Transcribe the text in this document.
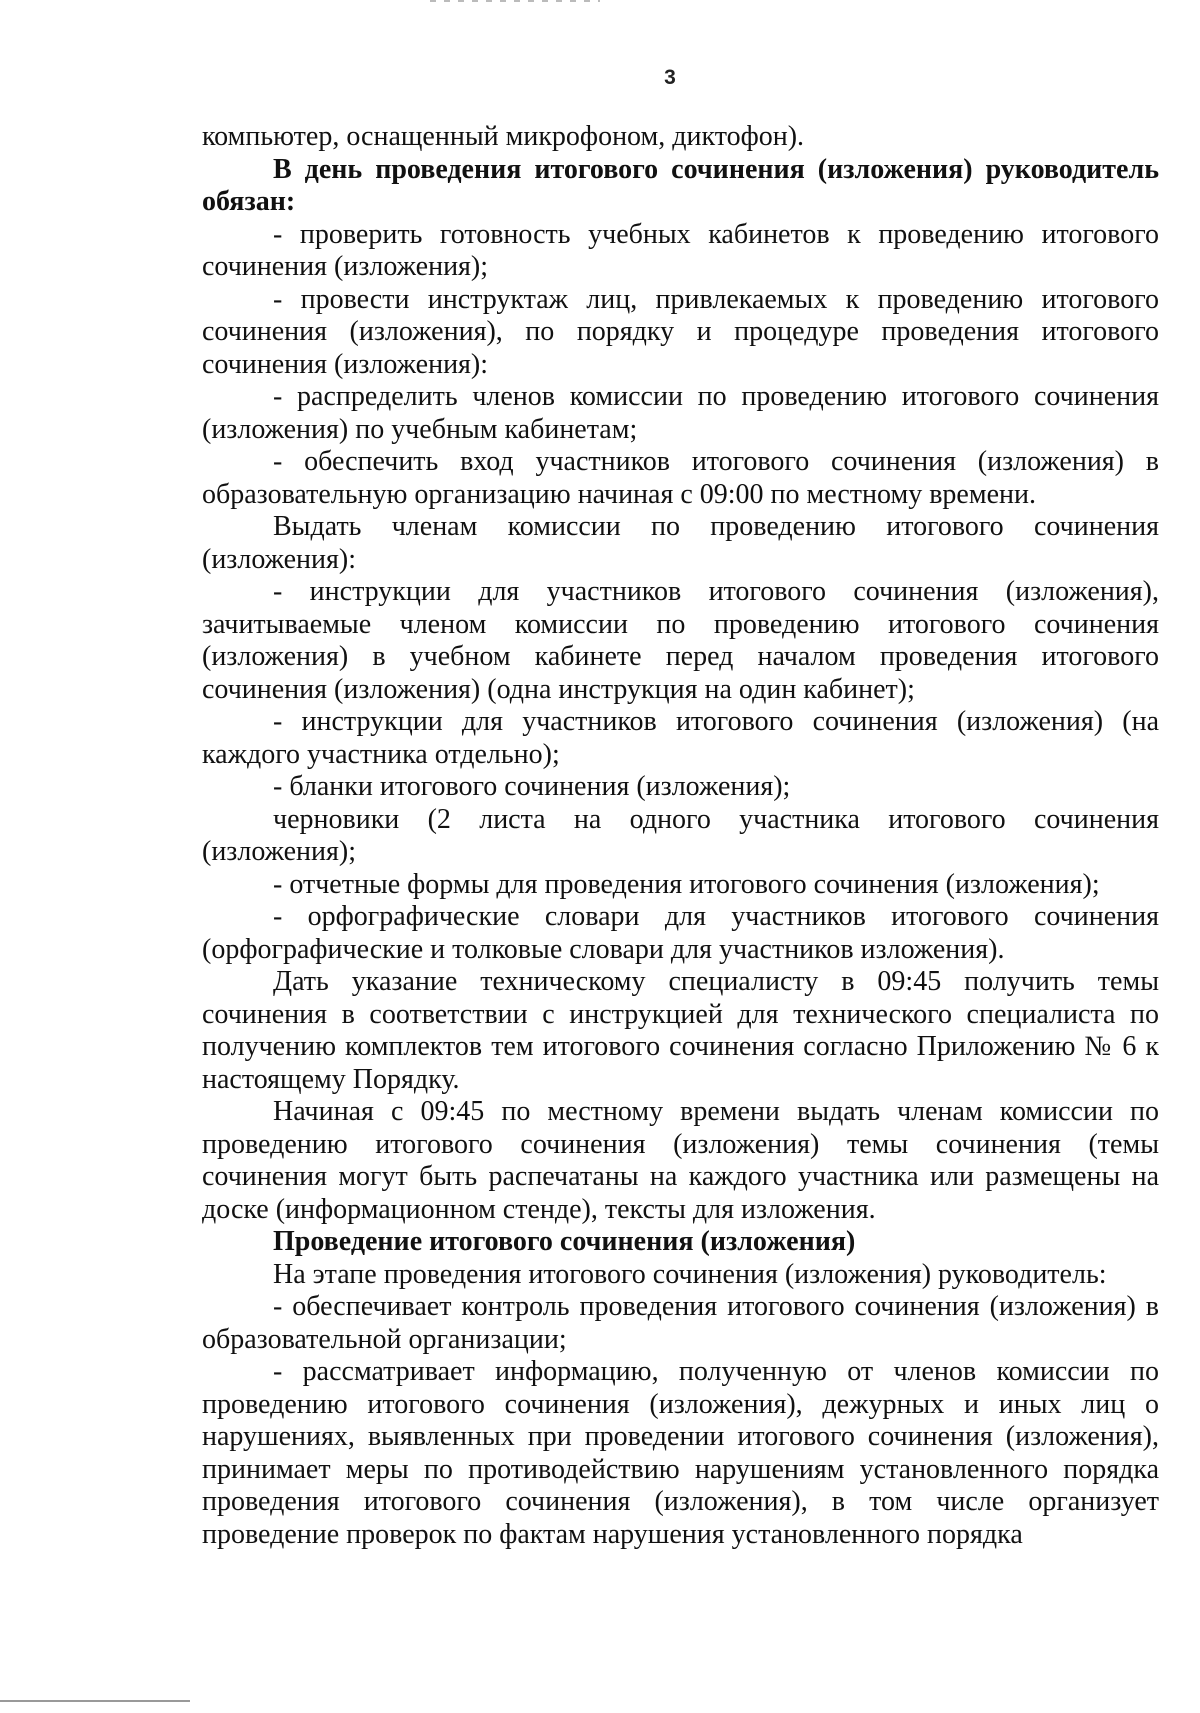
3

компьютер, оснащенный микрофоном, диктофон).

В день проведения итогового сочинения (изложения) руководитель обязан:

- проверить готовность учебных кабинетов к проведению итогового сочинения (изложения);

- провести инструктаж лиц, привлекаемых к проведению итогового сочинения (изложения), по порядку и процедуре проведения итогового сочинения (изложения):

- распределить членов комиссии по проведению итогового сочинения (изложения) по учебным кабинетам;

- обеспечить вход участников итогового сочинения (изложения) в образовательную организацию начиная с 09:00 по местному времени.

Выдать членам комиссии по проведению итогового сочинения (изложения):

- инструкции для участников итогового сочинения (изложения), зачитываемые членом комиссии по проведению итогового сочинения (изложения) в учебном кабинете перед началом проведения итогового сочинения (изложения) (одна инструкция на один кабинет);

- инструкции для участников итогового сочинения (изложения) (на каждого участника отдельно);

- бланки итогового сочинения (изложения);

черновики (2 листа на одного участника итогового сочинения (изложения);

- отчетные формы для проведения итогового сочинения (изложения);

- орфографические словари для участников итогового сочинения (орфографические и толковые словари для участников изложения).

Дать указание техническому специалисту в 09:45 получить темы сочинения в соответствии с инструкцией для технического специалиста по получению комплектов тем итогового сочинения согласно Приложению № 6 к настоящему Порядку.

Начиная с 09:45 по местному времени выдать членам комиссии по проведению итогового сочинения (изложения) темы сочинения (темы сочинения могут быть распечатаны на каждого участника или размещены на доске (информационном стенде), тексты для изложения.

Проведение итогового сочинения (изложения)

На этапе проведения итогового сочинения (изложения) руководитель:

- обеспечивает контроль проведения итогового сочинения (изложения) в образовательной организации;

- рассматривает информацию, полученную от членов комиссии по проведению итогового сочинения (изложения), дежурных и иных лиц о нарушениях, выявленных при проведении итогового сочинения (изложения), принимает меры по противодействию нарушениям установленного порядка проведения итогового сочинения (изложения), в том числе организует проведение проверок по фактам нарушения установленного порядка
